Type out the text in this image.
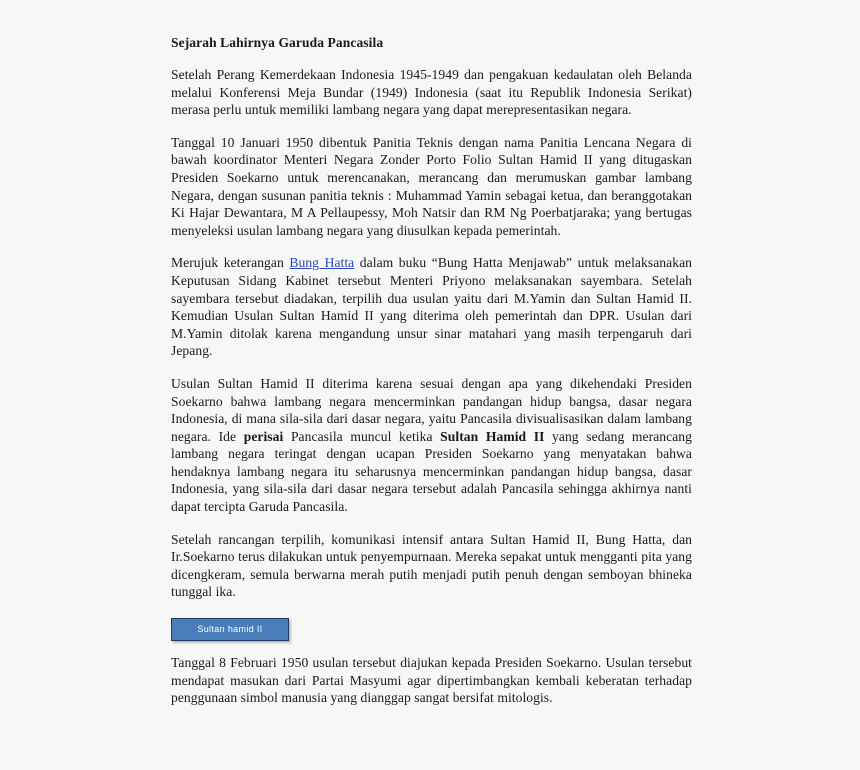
Sejarah Lahirnya Garuda Pancasila

Setelah Perang Kemerdekaan Indonesia 1945-1949 dan pengakuan kedaulatan oleh Belanda melalui Konferensi Meja Bundar (1949) Indonesia (saat itu Republik Indonesia Serikat) merasa perlu untuk memiliki lambang negara yang dapat merepresentasikan negara.

Tanggal 10 Januari 1950 dibentuk Panitia Teknis dengan nama Panitia Lencana Negara di bawah koordinator Menteri Negara Zonder Porto Folio Sultan Hamid II yang ditugaskan Presiden Soekarno untuk merencanakan, merancang dan merumuskan gambar lambang Negara, dengan susunan panitia teknis : Muhammad Yamin sebagai ketua, dan beranggotakan Ki Hajar Dewantara, M A Pellaupessy, Moh Natsir dan RM Ng Poerbatjaraka; yang bertugas menyeleksi usulan lambang negara yang diusulkan kepada pemerintah.

Merujuk keterangan Bung Hatta dalam buku “Bung Hatta Menjawab” untuk melaksanakan Keputusan Sidang Kabinet tersebut Menteri Priyono melaksanakan sayembara. Setelah sayembara tersebut diadakan, terpilih dua usulan yaitu dari M.Yamin dan Sultan Hamid II. Kemudian Usulan Sultan Hamid II yang diterima oleh pemerintah dan DPR. Usulan dari M.Yamin ditolak karena mengandung unsur sinar matahari yang masih terpengaruh dari Jepang.

Usulan Sultan Hamid II diterima karena sesuai dengan apa yang dikehendaki Presiden Soekarno bahwa lambang negara mencerminkan pandangan hidup bangsa, dasar negara Indonesia, di mana sila-sila dari dasar negara, yaitu Pancasila divisualisasikan dalam lambang negara. Ide perisai Pancasila muncul ketika Sultan Hamid II yang sedang merancang lambang negara teringat dengan ucapan Presiden Soekarno yang menyatakan bahwa hendaknya lambang negara itu seharusnya mencerminkan pandangan hidup bangsa, dasar Indonesia, yang sila-sila dari dasar negara tersebut adalah Pancasila sehingga akhirnya nanti dapat tercipta Garuda Pancasila.

Setelah rancangan terpilih, komunikasi intensif antara Sultan Hamid II, Bung Hatta, dan Ir.Soekarno terus dilakukan untuk penyempurnaan. Mereka sepakat untuk mengganti pita yang dicengkeram, semula berwarna merah putih menjadi putih penuh dengan semboyan bhineka tunggal ika.

Sultan hamid II

Tanggal 8 Februari 1950 usulan tersebut diajukan kepada Presiden Soekarno. Usulan tersebut mendapat masukan dari Partai Masyumi agar dipertimbangkan kembali keberatan terhadap penggunaan simbol manusia yang dianggap sangat bersifat mitologis.
